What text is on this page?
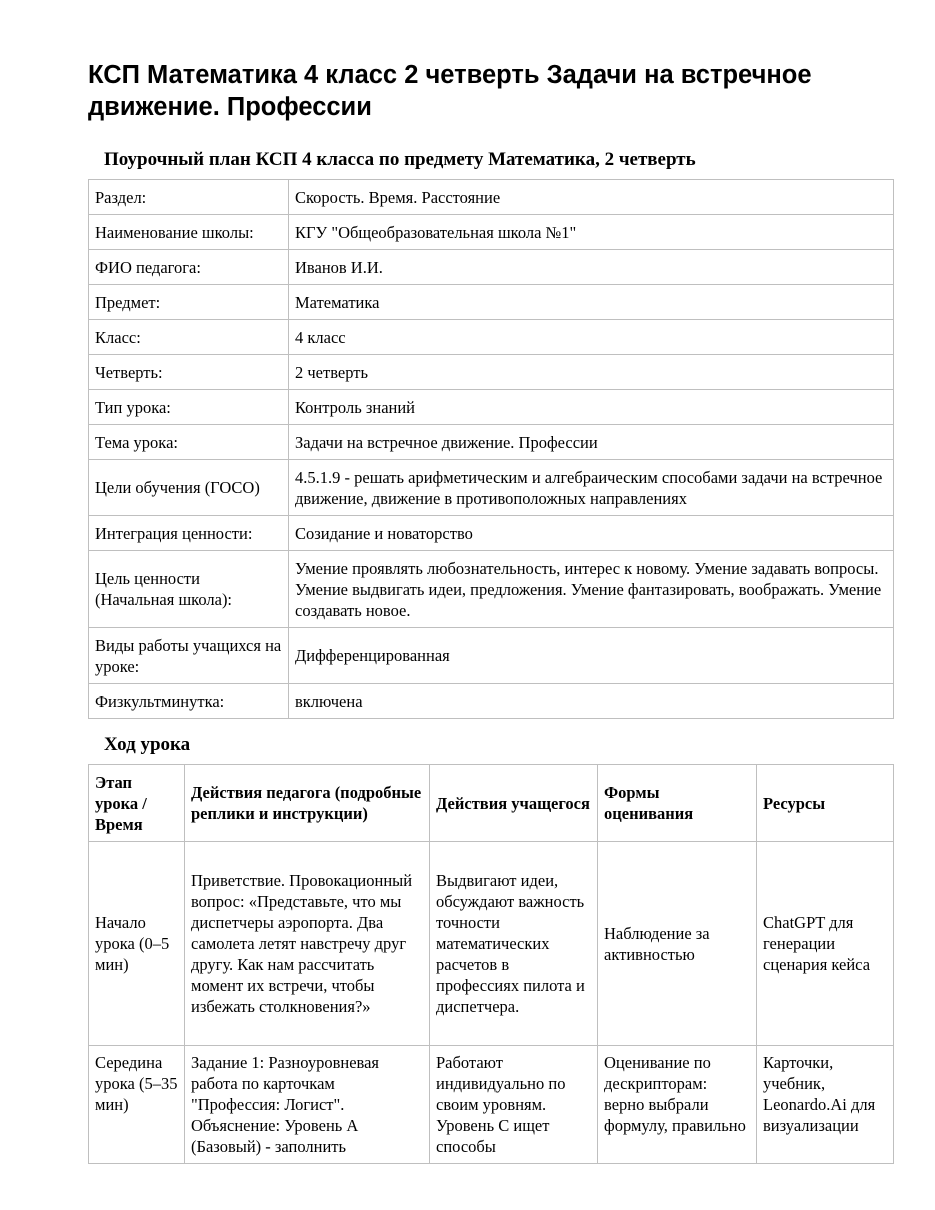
КСП Математика 4 класс 2 четверть Задачи на встречное движение. Профессии
Поурочный план КСП 4 класса по предмету Математика, 2 четверть
Раздел:	Скорость. Время. Расстояние
Наименование школы:	КГУ "Общеобразовательная школа №1"
ФИО педагога:	Иванов И.И.
Предмет:	Математика
Класс:	4 класс
Четверть:	2 четверть
Тип урока:	Контроль знаний
Тема урока:	Задачи на встречное движение. Профессии
Цели обучения (ГОСО)	4.5.1.9 - решать арифметическим и алгебраическим способами задачи на встречное движение, движение в противоположных направлениях
Интеграция ценности:	Созидание и новаторство
Цель ценности (Начальная школа):	Умение проявлять любознательность, интерес к новому. Умение задавать вопросы. Умение выдвигать идеи, предложения. Умение фантазировать, воображать. Умение создавать новое.
Виды работы учащихся на уроке:	Дифференцированная
Физкультминутка:	включена
Ход урока
Этап урока / Время	Действия педагога (подробные реплики и инструкции)	Действия учащегося	Формы оценивания	Ресурсы
Начало урока (0–5 мин)	Приветствие. Провокационный вопрос: «Представьте, что мы диспетчеры аэропорта. Два самолета летят навстречу друг другу. Как нам рассчитать момент их встречи, чтобы избежать столкновения?»	Выдвигают идеи, обсуждают важность точности математических расчетов в профессиях пилота и диспетчера.	Наблюдение за активностью	ChatGPT для генерации сценария кейса

Середина урока (5–35 мин)	Задание 1: Разноуровневая работа по карточкам "Профессия: Логист". Объяснение: Уровень А (Базовый) - заполнить	Работают индивидуально по своим уровням. Уровень С ищет способы	Оценивание по дескрипторам: верно выбрали формулу, правильно	Карточки, учебник, Leonardo.Ai для визуализации
